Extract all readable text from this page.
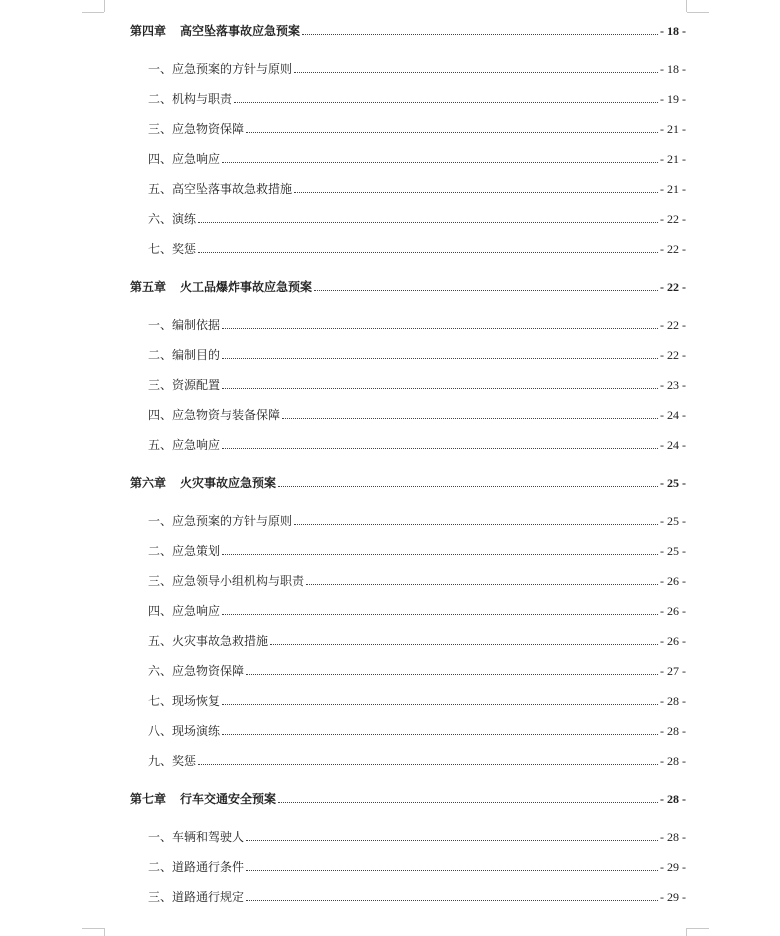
第四章 高空坠落事故应急预案	- 18 -
一、应急预案的方针与原则	- 18 -
二、机构与职责	- 19 -
三、应急物资保障	- 21 -
四、应急响应	- 21 -
五、高空坠落事故急救措施	- 21 -
六、演练	- 22 -
七、奖惩	- 22 -
第五章 火工品爆炸事故应急预案	- 22 -
一、编制依据	- 22 -
二、编制目的	- 22 -
三、资源配置	- 23 -
四、应急物资与装备保障	- 24 -
五、应急响应	- 24 -
第六章 火灾事故应急预案	- 25 -
一、应急预案的方针与原则	- 25 -
二、应急策划	- 25 -
三、应急领导小组机构与职责	- 26 -
四、应急响应	- 26 -
五、火灾事故急救措施	- 26 -
六、应急物资保障	- 27 -
七、现场恢复	- 28 -
八、现场演练	- 28 -
九、奖惩	- 28 -
第七章 行车交通安全预案	- 28 -
一、车辆和驾驶人	- 28 -
二、道路通行条件	- 29 -
三、道路通行规定	- 29 -
